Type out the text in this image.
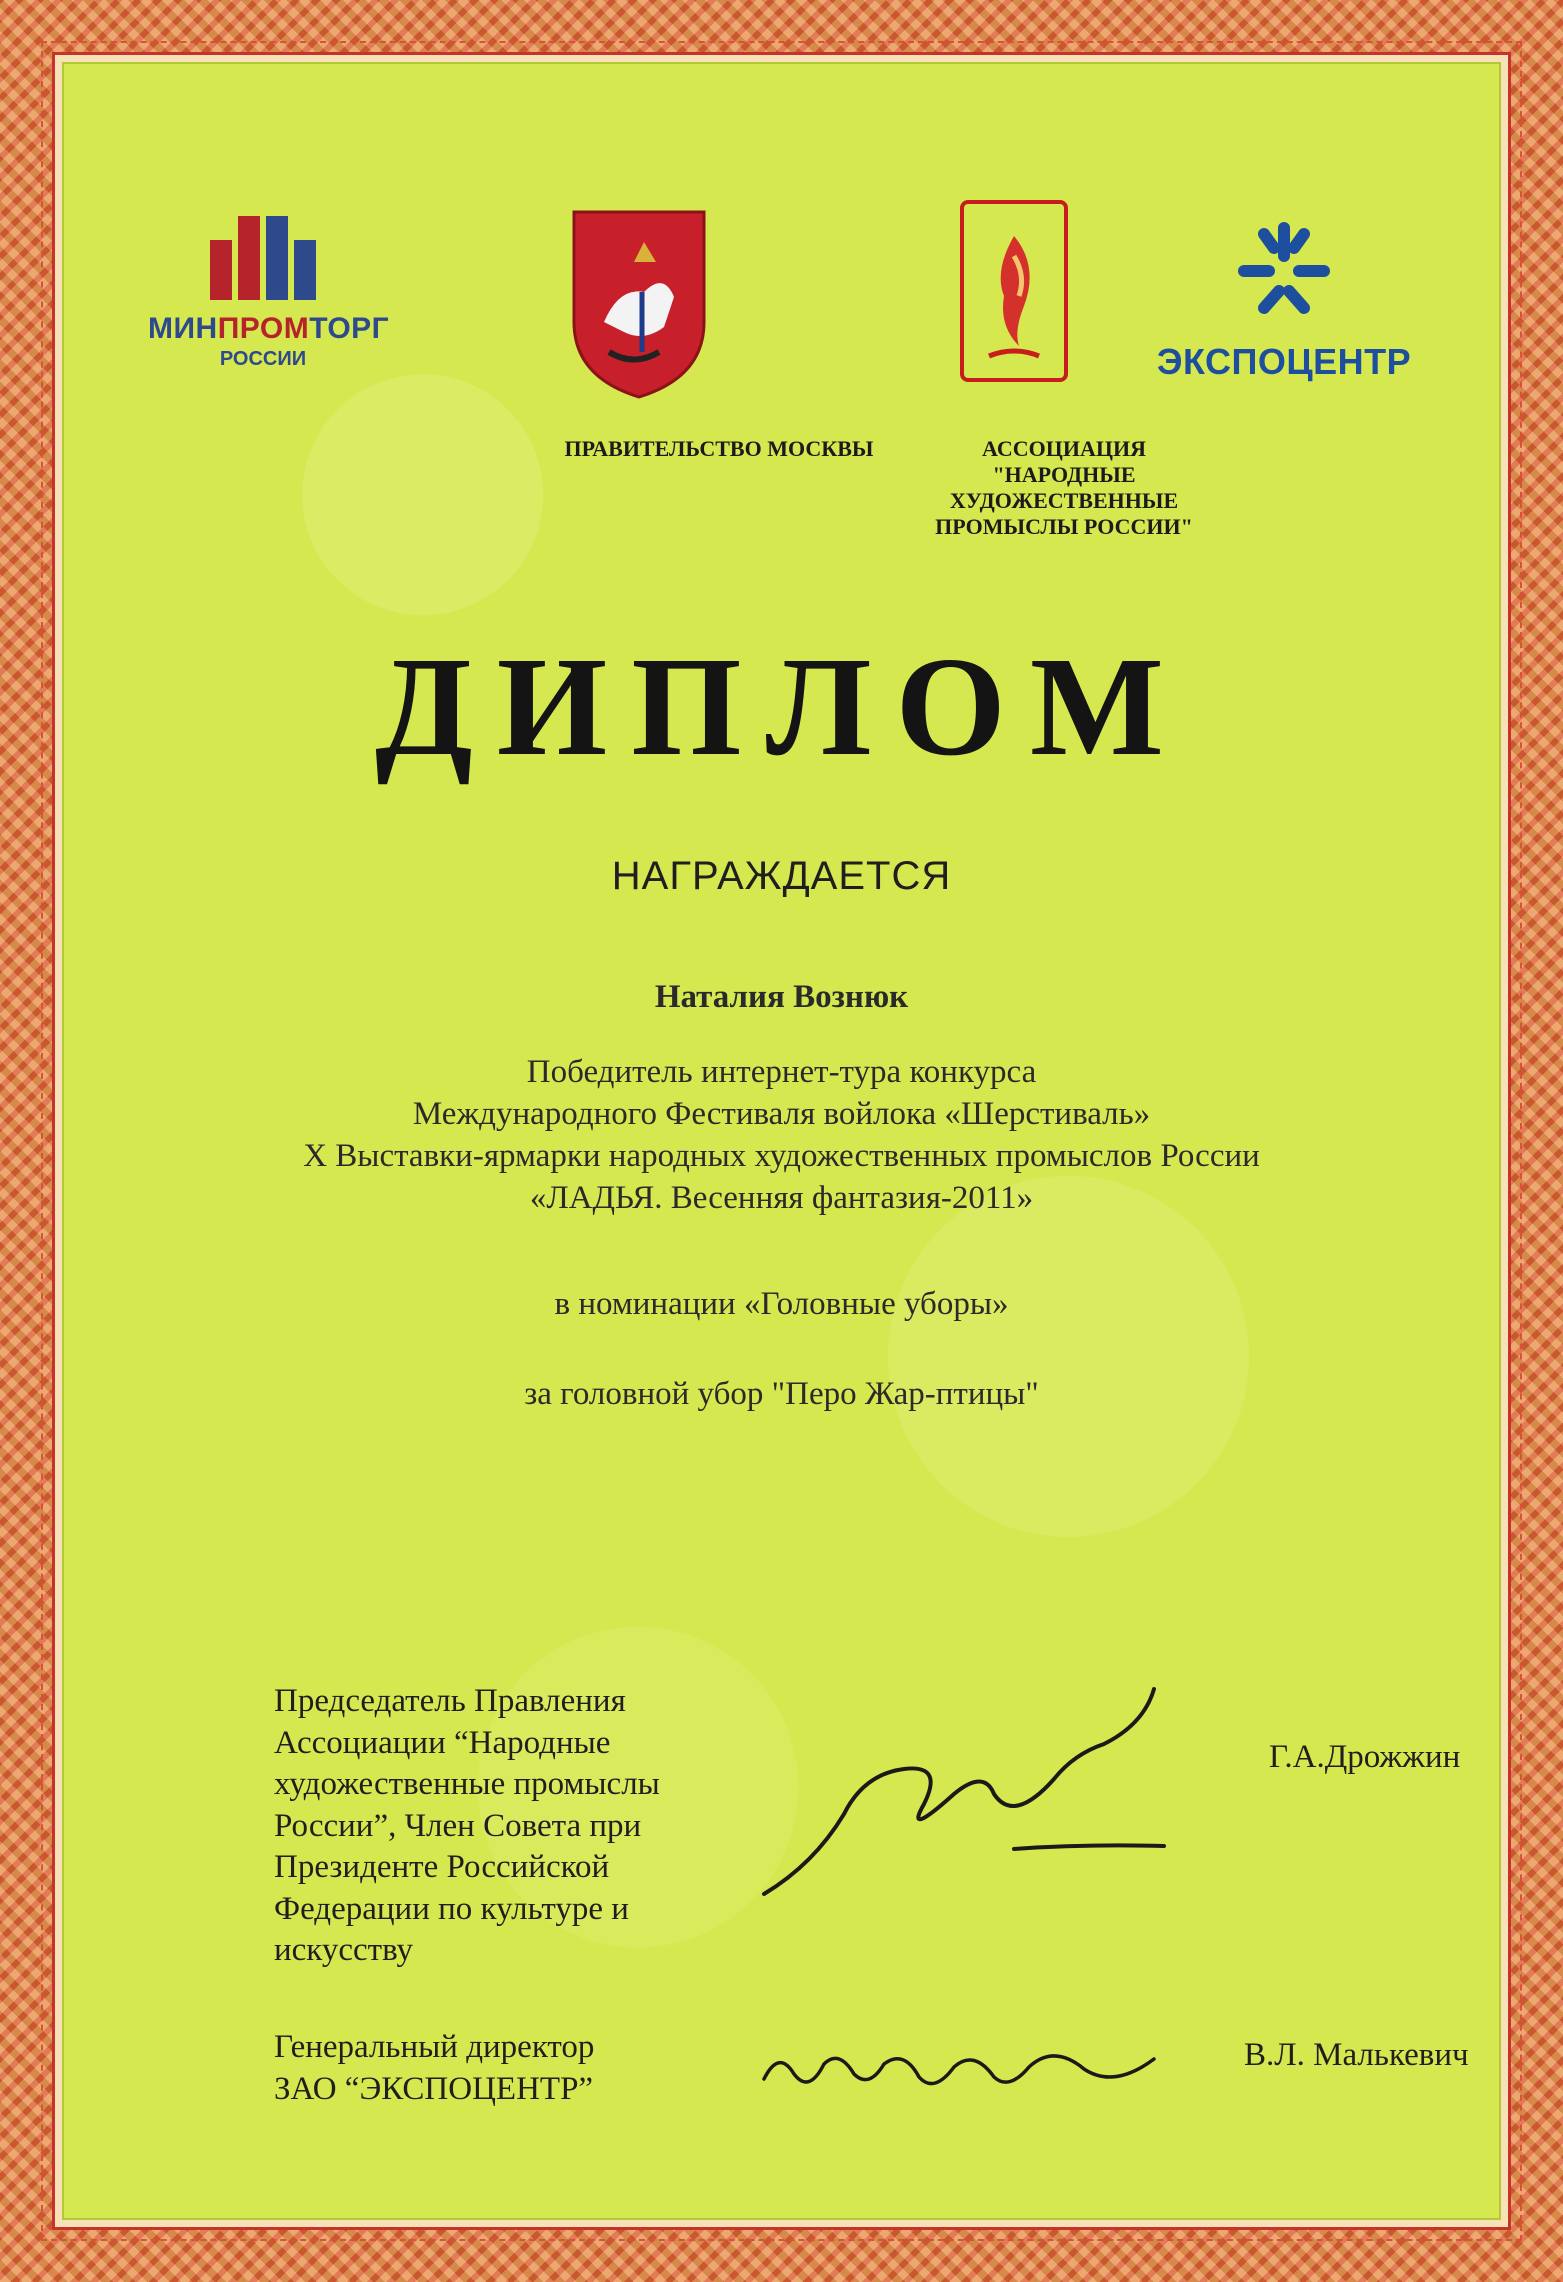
МИНПРОМТОРГ
РОССИИ	ЭКСПОЦЕНТР
ПРАВИТЕЛЬСТВО МОСКВЫ	АССОЦИАЦИЯ
"НАРОДНЫЕ
ХУДОЖЕСТВЕННЫЕ
ПРОМЫСЛЫ РОССИИ"
ДИПЛОМ
НАГРАЖДАЕТСЯ
Наталия Вознюк
Победитель интернет-тура конкурса
Международного Фестиваля войлока «Шерстиваль»
X Выставки-ярмарки народных художественных промыслов России
«ЛАДЬЯ. Весенняя фантазия-2011»
в номинации «Головные уборы»
за головной убор "Перо Жар-птицы"
Председатель Правления
Ассоциации “Народные
художественные промыслы
России”, Член Совета при
Президенте Российской
Федерации по культуре и
искусству
Г.А.Дрожжин
Генеральный директор
ЗАО “ЭКСПОЦЕНТР”
В.Л. Малькевич
